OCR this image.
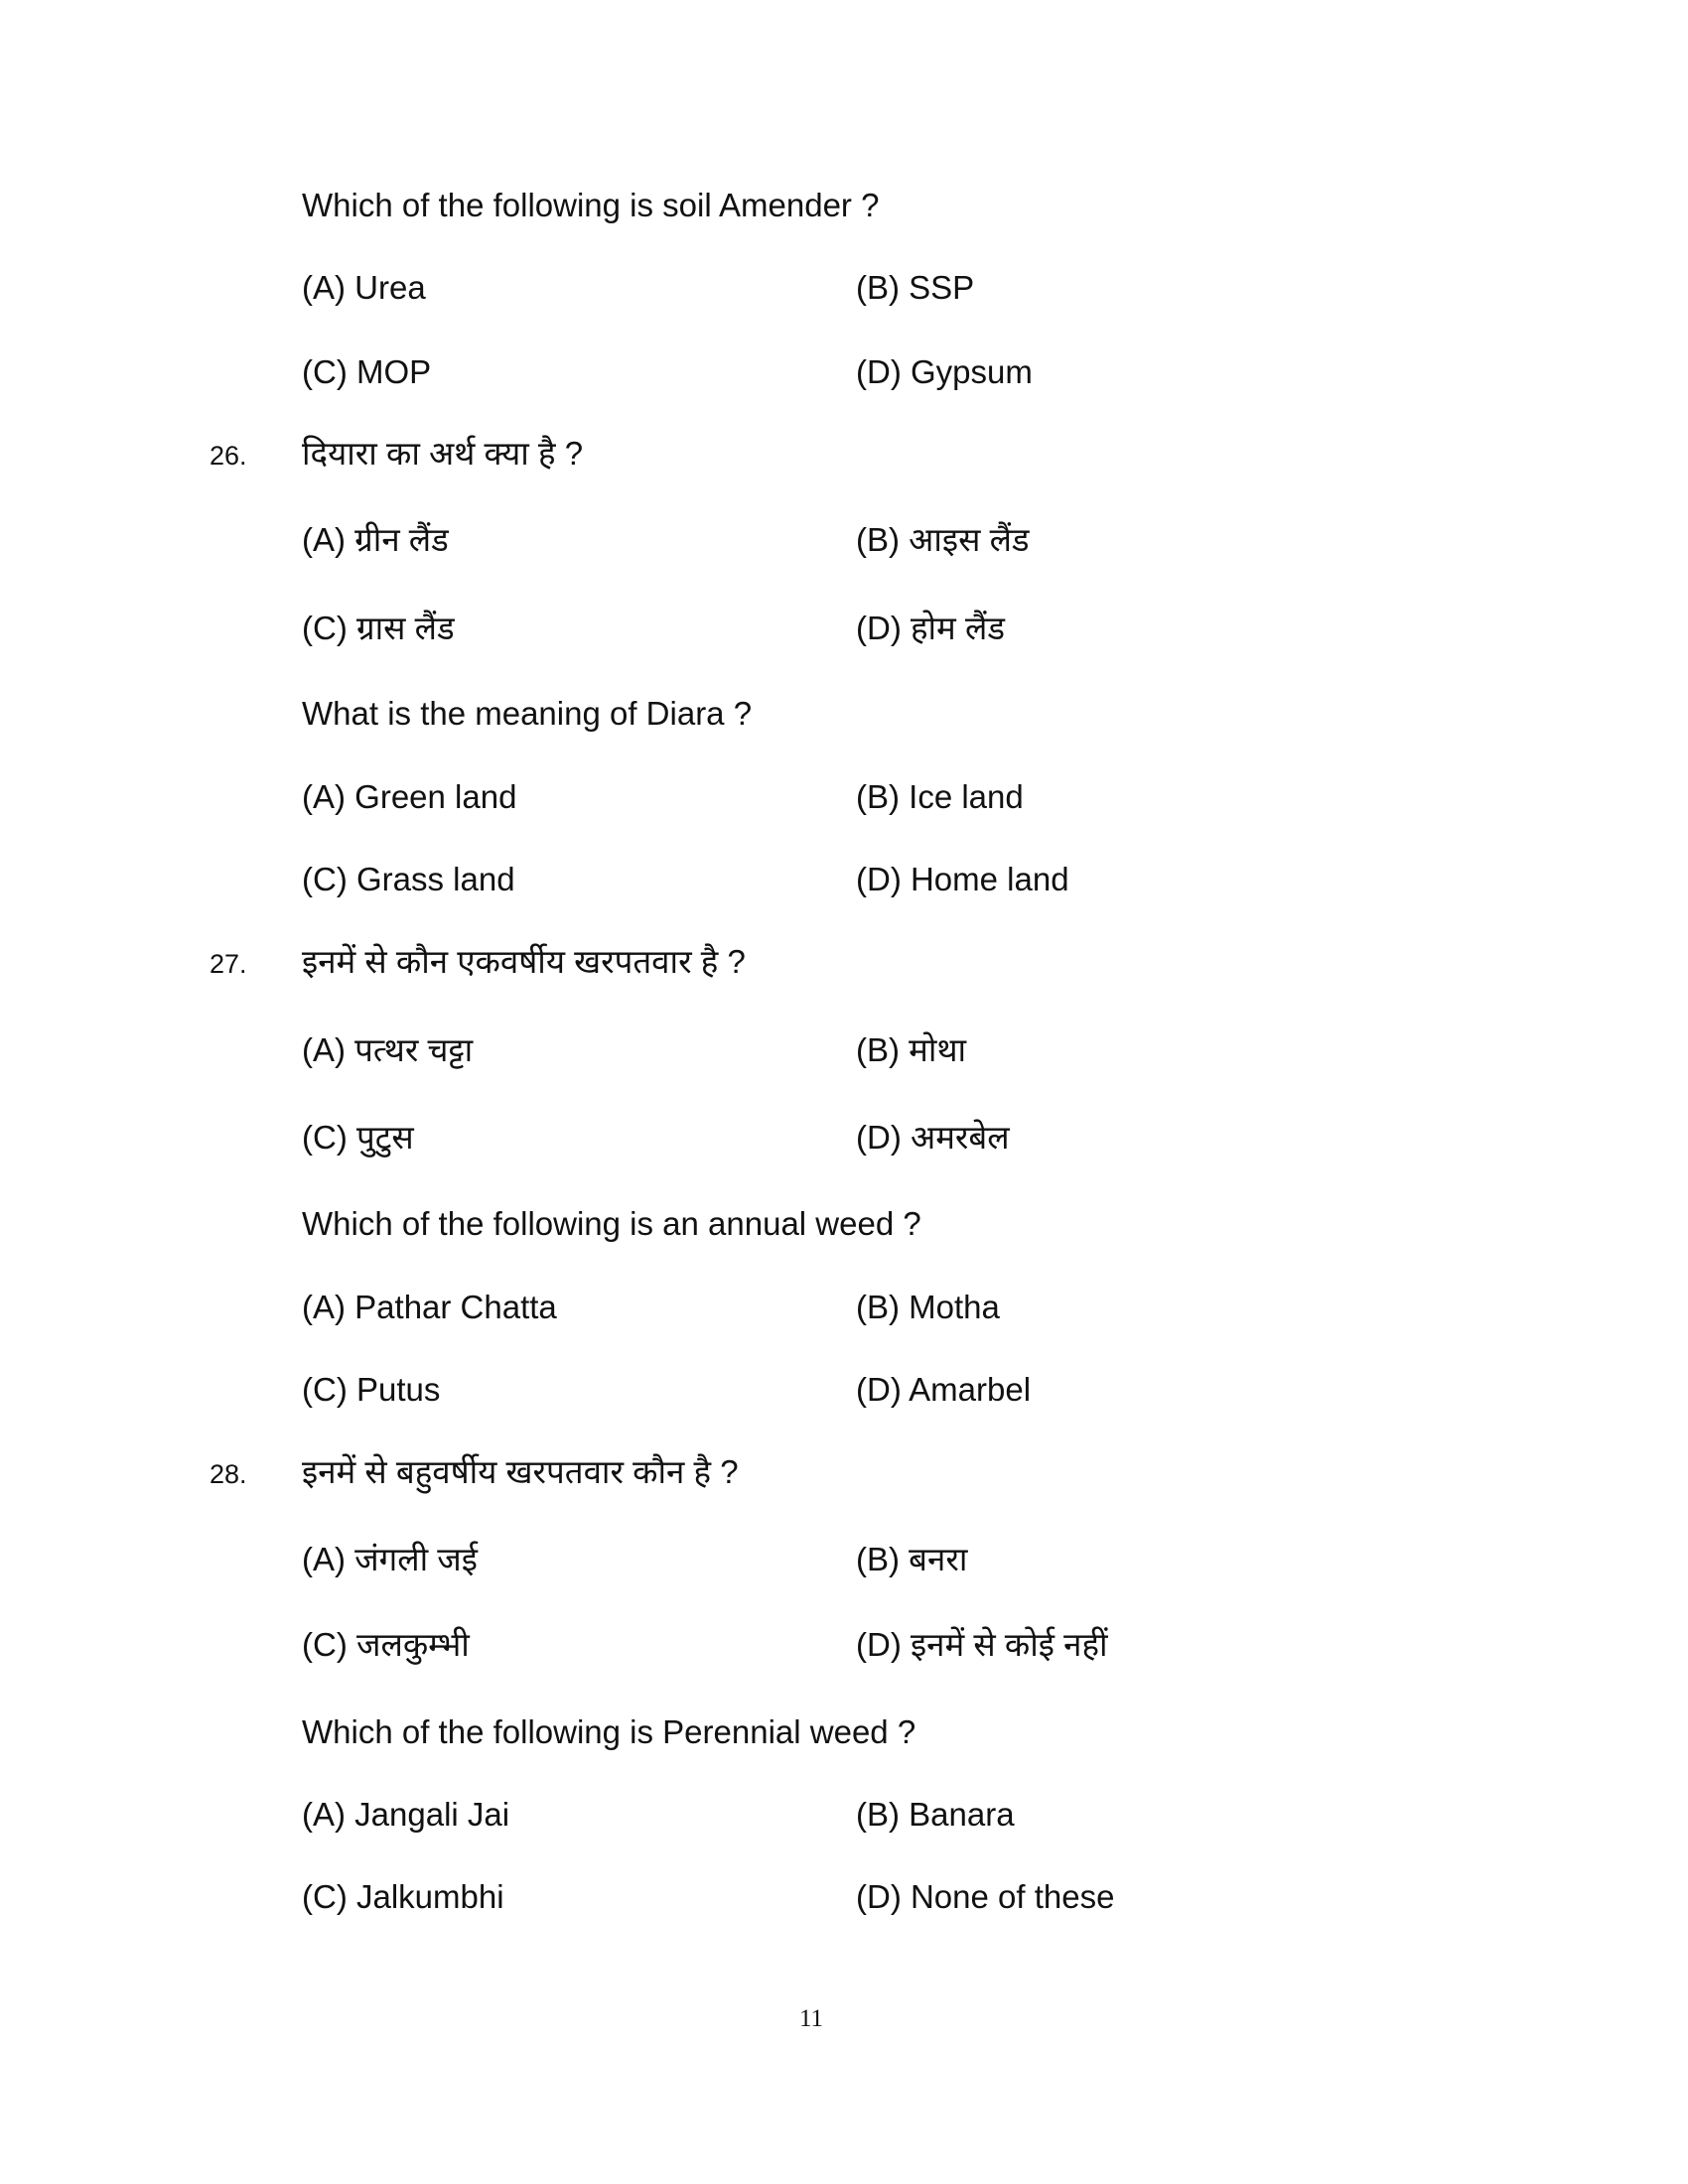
Which of the following is soil Amender ?
(A) Urea	(B) SSP
(C) MOP	(D) Gypsum
26. दियारा का अर्थ क्या है ?
(A) ग्रीन लैंड	(B) आइस लैंड
(C) ग्रास लैंड	(D) होम लैंड
What is the meaning of Diara ?
(A) Green land	(B) Ice land
(C) Grass land	(D) Home land
27. इनमें से कौन एकवर्षीय खरपतवार है ?
(A) पत्थर चट्टा	(B) मोथा
(C) पुटुस	(D) अमरबेल
Which of the following is an annual weed ?
(A) Pathar Chatta	(B) Motha
(C) Putus	(D) Amarbel
28. इनमें से बहुवर्षीय खरपतवार कौन है ?
(A) जंगली जई	(B) बनरा
(C) जलकुम्भी	(D) इनमें से कोई नहीं
Which of the following is Perennial weed ?
(A) Jangali Jai	(B) Banara
(C) Jalkumbhi	(D) None of these
11
